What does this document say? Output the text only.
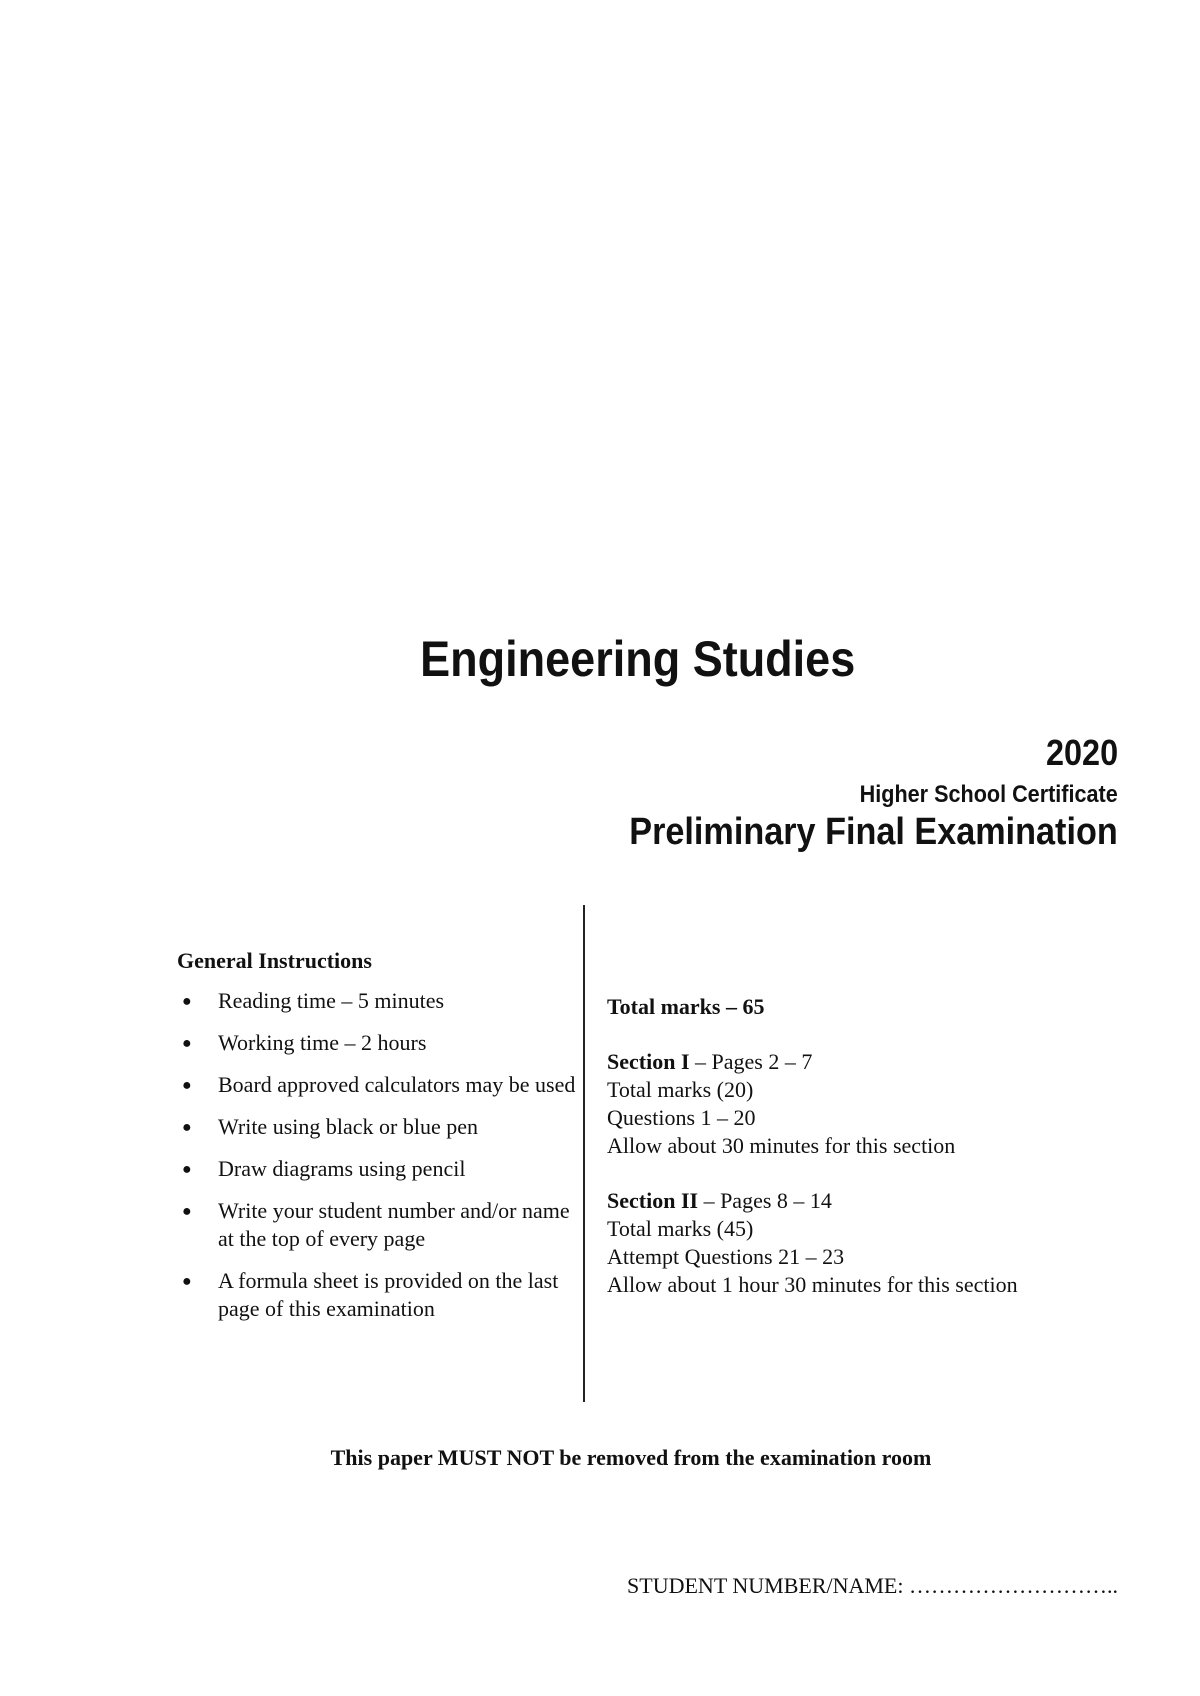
Engineering Studies

2020

Higher School Certificate

Preliminary Final Examination

General Instructions
● Reading time – 5 minutes
● Working time – 2 hours
● Board approved calculators may be used
● Write using black or blue pen
● Draw diagrams using pencil
● Write your student number and/or name at the top of every page
● A formula sheet is provided on the last page of this examination

Total marks – 65

Section I – Pages 2 – 7

Total marks (20)

Questions 1 – 20

Allow about 30 minutes for this section

Section II – Pages 8 – 14

Total marks (45)

Attempt Questions 21 – 23

Allow about 1 hour 30 minutes for this section

This paper MUST NOT be removed from the examination room

STUDENT NUMBER/NAME: ………………………..
